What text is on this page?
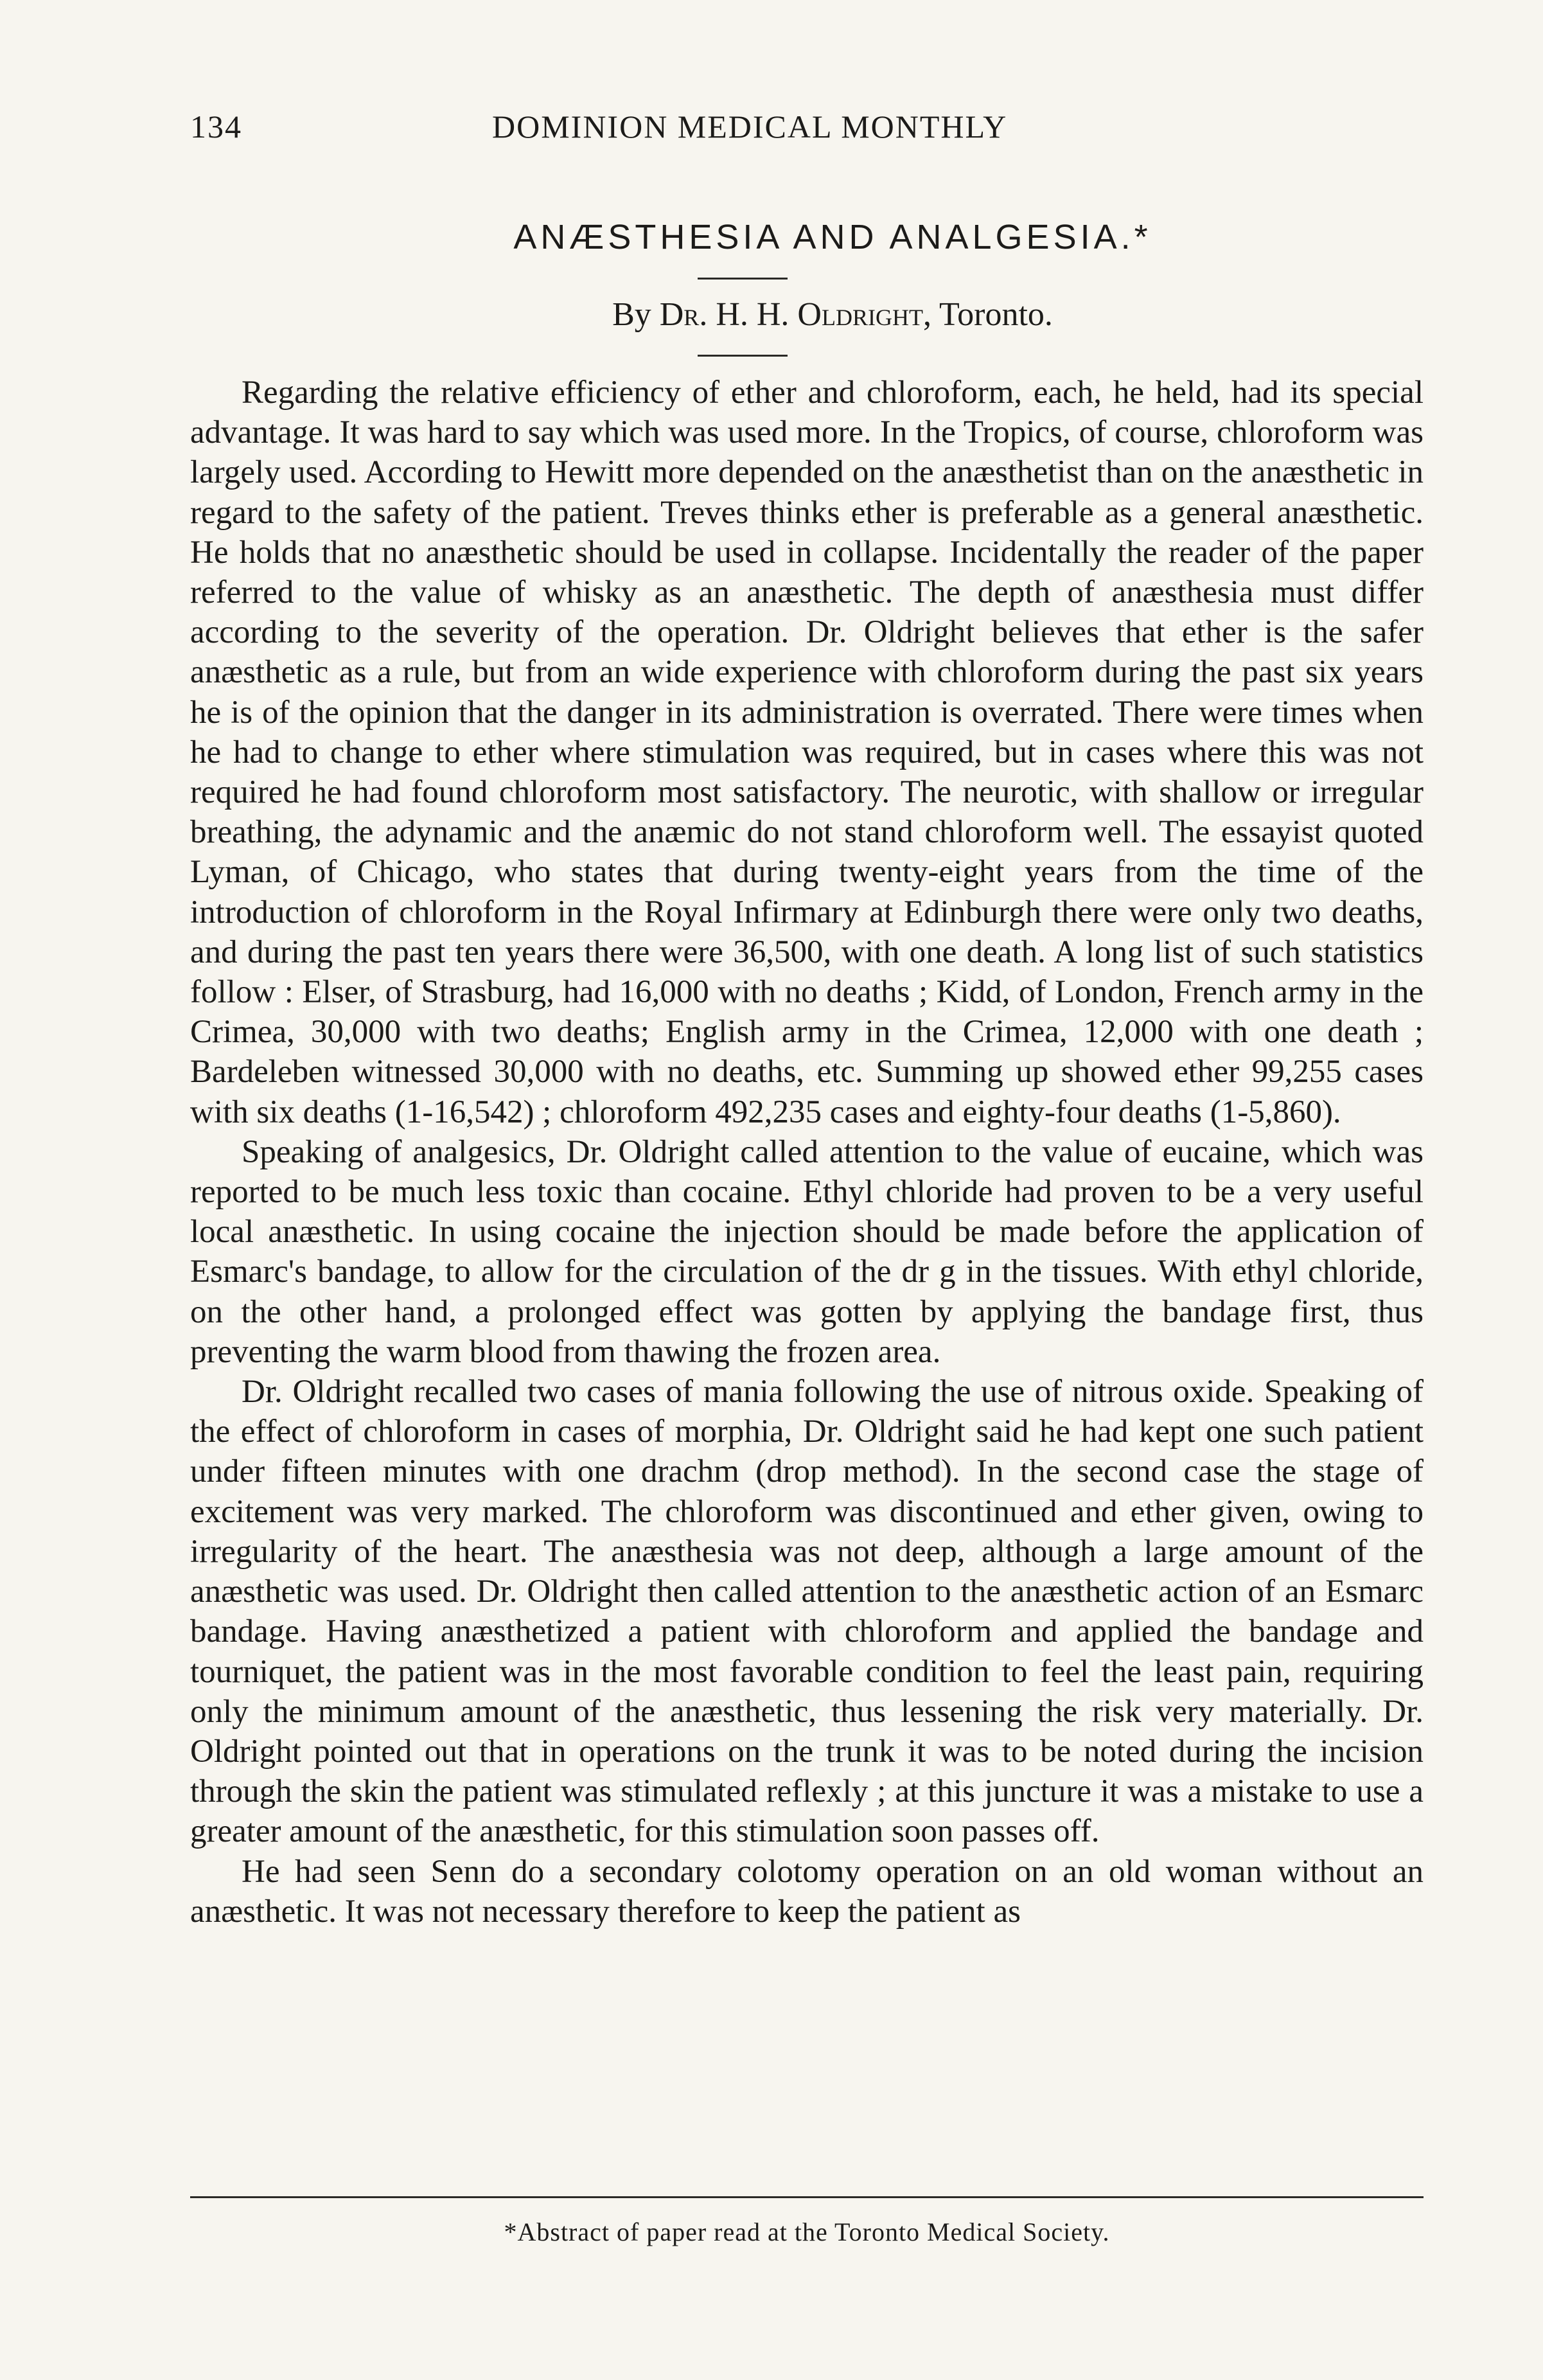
134	DOMINION MEDICAL MONTHLY
ANÆSTHESIA AND ANALGESIA.*
By Dr. H. H. Oldright, Toronto.

Regarding the relative efficiency of ether and chloroform, each, he held, had its special advantage. It was hard to say which was used more. In the Tropics, of course, chloroform was largely used. According to Hewitt more depended on the anæsthetist than on the anæsthetic in regard to the safety of the patient. Treves thinks ether is preferable as a general anæsthetic. He holds that no anæsthetic should be used in collapse. Incidentally the reader of the paper referred to the value of whisky as an anæsthetic. The depth of anæsthesia must differ according to the severity of the operation. Dr. Oldright believes that ether is the safer anæsthetic as a rule, but from an wide experience with chloroform during the past six years he is of the opinion that the danger in its administration is overrated. There were times when he had to change to ether where stimulation was required, but in cases where this was not required he had found chloroform most satisfactory. The neurotic, with shallow or irregular breathing, the adynamic and the anæmic do not stand chloroform well. The essayist quoted Lyman, of Chicago, who states that during twenty-eight years from the time of the introduction of chloroform in the Royal Infirmary at Edinburgh there were only two deaths, and during the past ten years there were 36,500, with one death. A long list of such statistics follow : Elser, of Strasburg, had 16,000 with no deaths ; Kidd, of London, French army in the Crimea, 30,000 with two deaths; English army in the Crimea, 12,000 with one death ; Bardeleben witnessed 30,000 with no deaths, etc. Summing up showed ether 99,255 cases with six deaths (1-16,542) ; chloroform 492,235 cases and eighty-four deaths (1-5,860).

Speaking of analgesics, Dr. Oldright called attention to the value of eucaine, which was reported to be much less toxic than cocaine. Ethyl chloride had proven to be a very useful local anæsthetic. In using cocaine the injection should be made before the application of Esmarc's bandage, to allow for the circulation of the dr g in the tissues. With ethyl chloride, on the other hand, a prolonged effect was gotten by applying the bandage first, thus preventing the warm blood from thawing the frozen area.

Dr. Oldright recalled two cases of mania following the use of nitrous oxide. Speaking of the effect of chloroform in cases of morphia, Dr. Oldright said he had kept one such patient under fifteen minutes with one drachm (drop method). In the second case the stage of excitement was very marked. The chloroform was discontinued and ether given, owing to irregularity of the heart. The anæsthesia was not deep, although a large amount of the anæsthetic was used. Dr. Oldright then called attention to the anæsthetic action of an Esmarc bandage. Having anæsthetized a patient with chloroform and applied the bandage and tourniquet, the patient was in the most favorable condition to feel the least pain, requiring only the minimum amount of the anæsthetic, thus lessening the risk very materially. Dr. Oldright pointed out that in operations on the trunk it was to be noted during the incision through the skin the patient was stimulated reflexly ; at this juncture it was a mistake to use a greater amount of the anæsthetic, for this stimulation soon passes off.

He had seen Senn do a secondary colotomy operation on an old woman without an anæsthetic. It was not necessary therefore to keep the patient as

*Abstract of paper read at the Toronto Medical Society.
